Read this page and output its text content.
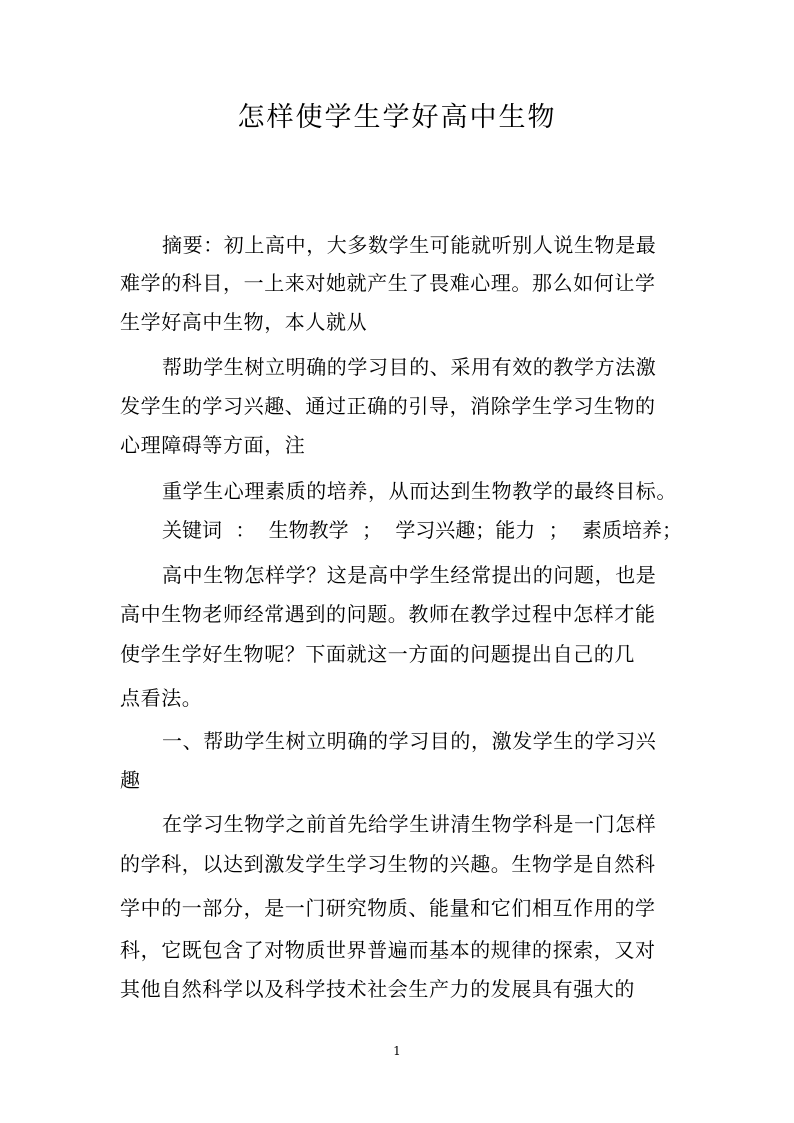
怎样使学生学好高中生物
摘要：初上高中，大多数学生可能就听别人说生物是最
难学的科目，一上来对她就产生了畏难心理。那么如何让学
生学好高中生物，本人就从
帮助学生树立明确的学习目的、采用有效的教学方法激
发学生的学习兴趣、通过正确的引导，消除学生学习生物的
心理障碍等方面，注
重学生心理素质的培养，从而达到生物教学的最终目标。
关键词 ： 生物教学 ； 学习兴趣；能力 ； 素质培养；
高中生物怎样学？这是高中学生经常提出的问题，也是
高中生物老师经常遇到的问题。教师在教学过程中怎样才能
使学生学好生物呢？下面就这一方面的问题提出自己的几
点看法。
一、帮助学生树立明确的学习目的，激发学生的学习兴
趣
在学习生物学之前首先给学生讲清生物学科是一门怎样
的学科，以达到激发学生学习生物的兴趣。生物学是自然科
学中的一部分，是一门研究物质、能量和它们相互作用的学
科，它既包含了对物质世界普遍而基本的规律的探索，又对
其他自然科学以及科学技术社会生产力的发展具有强大的
1
